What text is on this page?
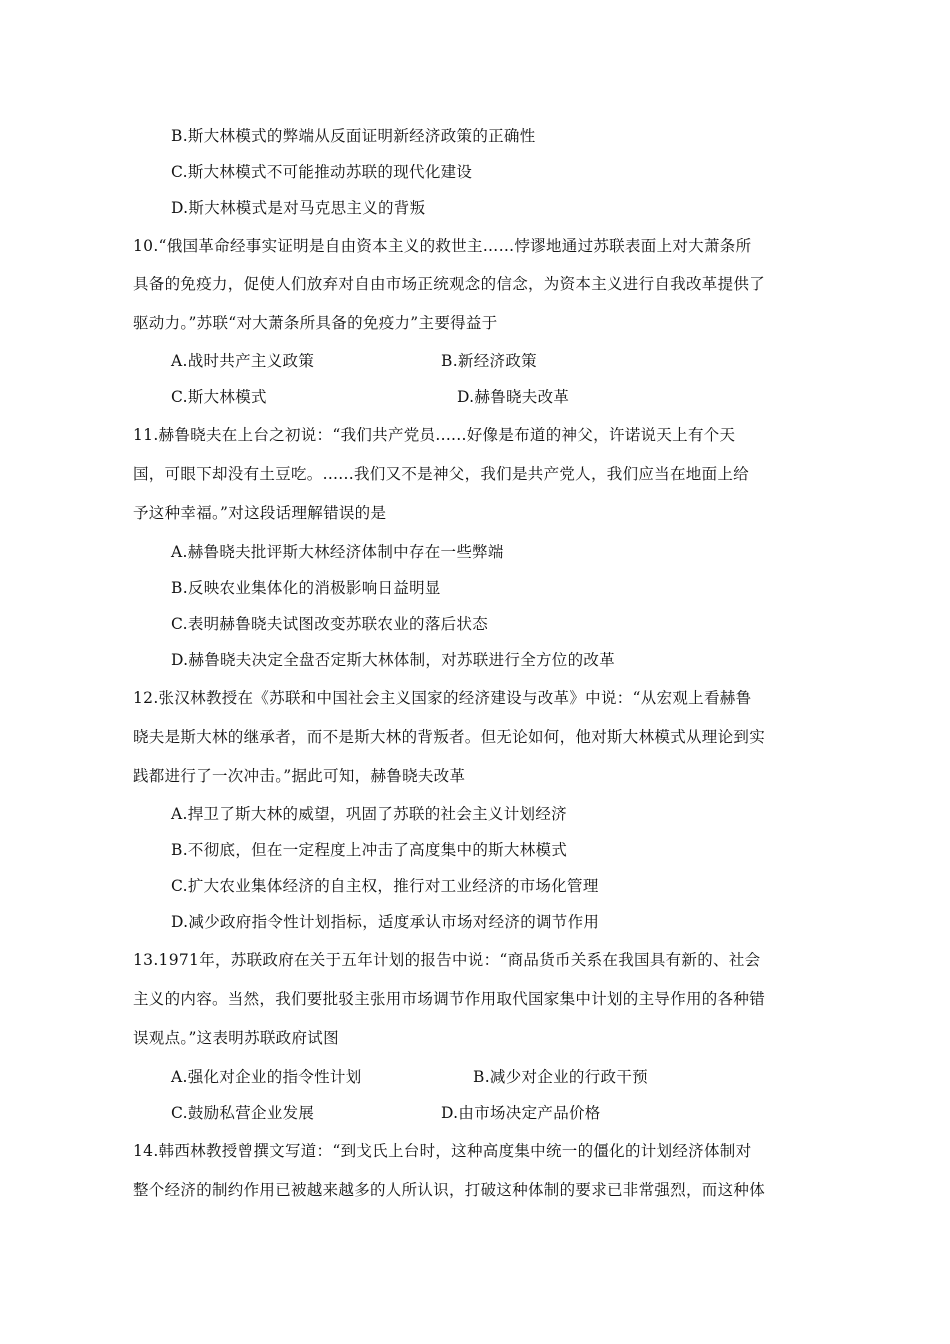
B.斯大林模式的弊端从反面证明新经济政策的正确性
C.斯大林模式不可能推动苏联的现代化建设
D.斯大林模式是对马克思主义的背叛
10.“俄国革命经事实证明是自由资本主义的救世主……悖谬地通过苏联表面上对大萧条所
具备的免疫力，促使人们放弃对自由市场正统观念的信念，为资本主义进行自我改革提供了
驱动力。”苏联“对大萧条所具备的免疫力”主要得益于
A.战时共产主义政策	B.新经济政策
C.斯大林模式	D.赫鲁晓夫改革
11.赫鲁晓夫在上台之初说：“我们共产党员......好像是布道的神父，许诺说天上有个天
国，可眼下却没有土豆吃。......我们又不是神父，我们是共产党人，我们应当在地面上给
予这种幸福。”对这段话理解错误的是
A.赫鲁晓夫批评斯大林经济体制中存在一些弊端
B.反映农业集体化的消极影响日益明显
C.表明赫鲁晓夫试图改变苏联农业的落后状态
D.赫鲁晓夫决定全盘否定斯大林体制，对苏联进行全方位的改革
12.张汉林教授在《苏联和中国社会主义国家的经济建设与改革》中说：“从宏观上看赫鲁
晓夫是斯大林的继承者，而不是斯大林的背叛者。但无论如何，他对斯大林模式从理论到实
践都进行了一次冲击。”据此可知，赫鲁晓夫改革
A.捍卫了斯大林的威望，巩固了苏联的社会主义计划经济
B.不彻底，但在一定程度上冲击了高度集中的斯大林模式
C.扩大农业集体经济的自主权，推行对工业经济的市场化管理
D.减少政府指令性计划指标，适度承认市场对经济的调节作用
13.1971年，苏联政府在关于五年计划的报告中说：“商品货币关系在我国具有新的、社会
主义的内容。当然，我们要批驳主张用市场调节作用取代国家集中计划的主导作用的各种错
误观点。”这表明苏联政府试图
A.强化对企业的指令性计划	B.减少对企业的行政干预
C.鼓励私营企业发展	D.由市场决定产品价格
14.韩西林教授曾撰文写道：“到戈氏上台时，这种高度集中统一的僵化的计划经济体制对
整个经济的制约作用已被越来越多的人所认识，打破这种体制的要求已非常强烈，而这种体
